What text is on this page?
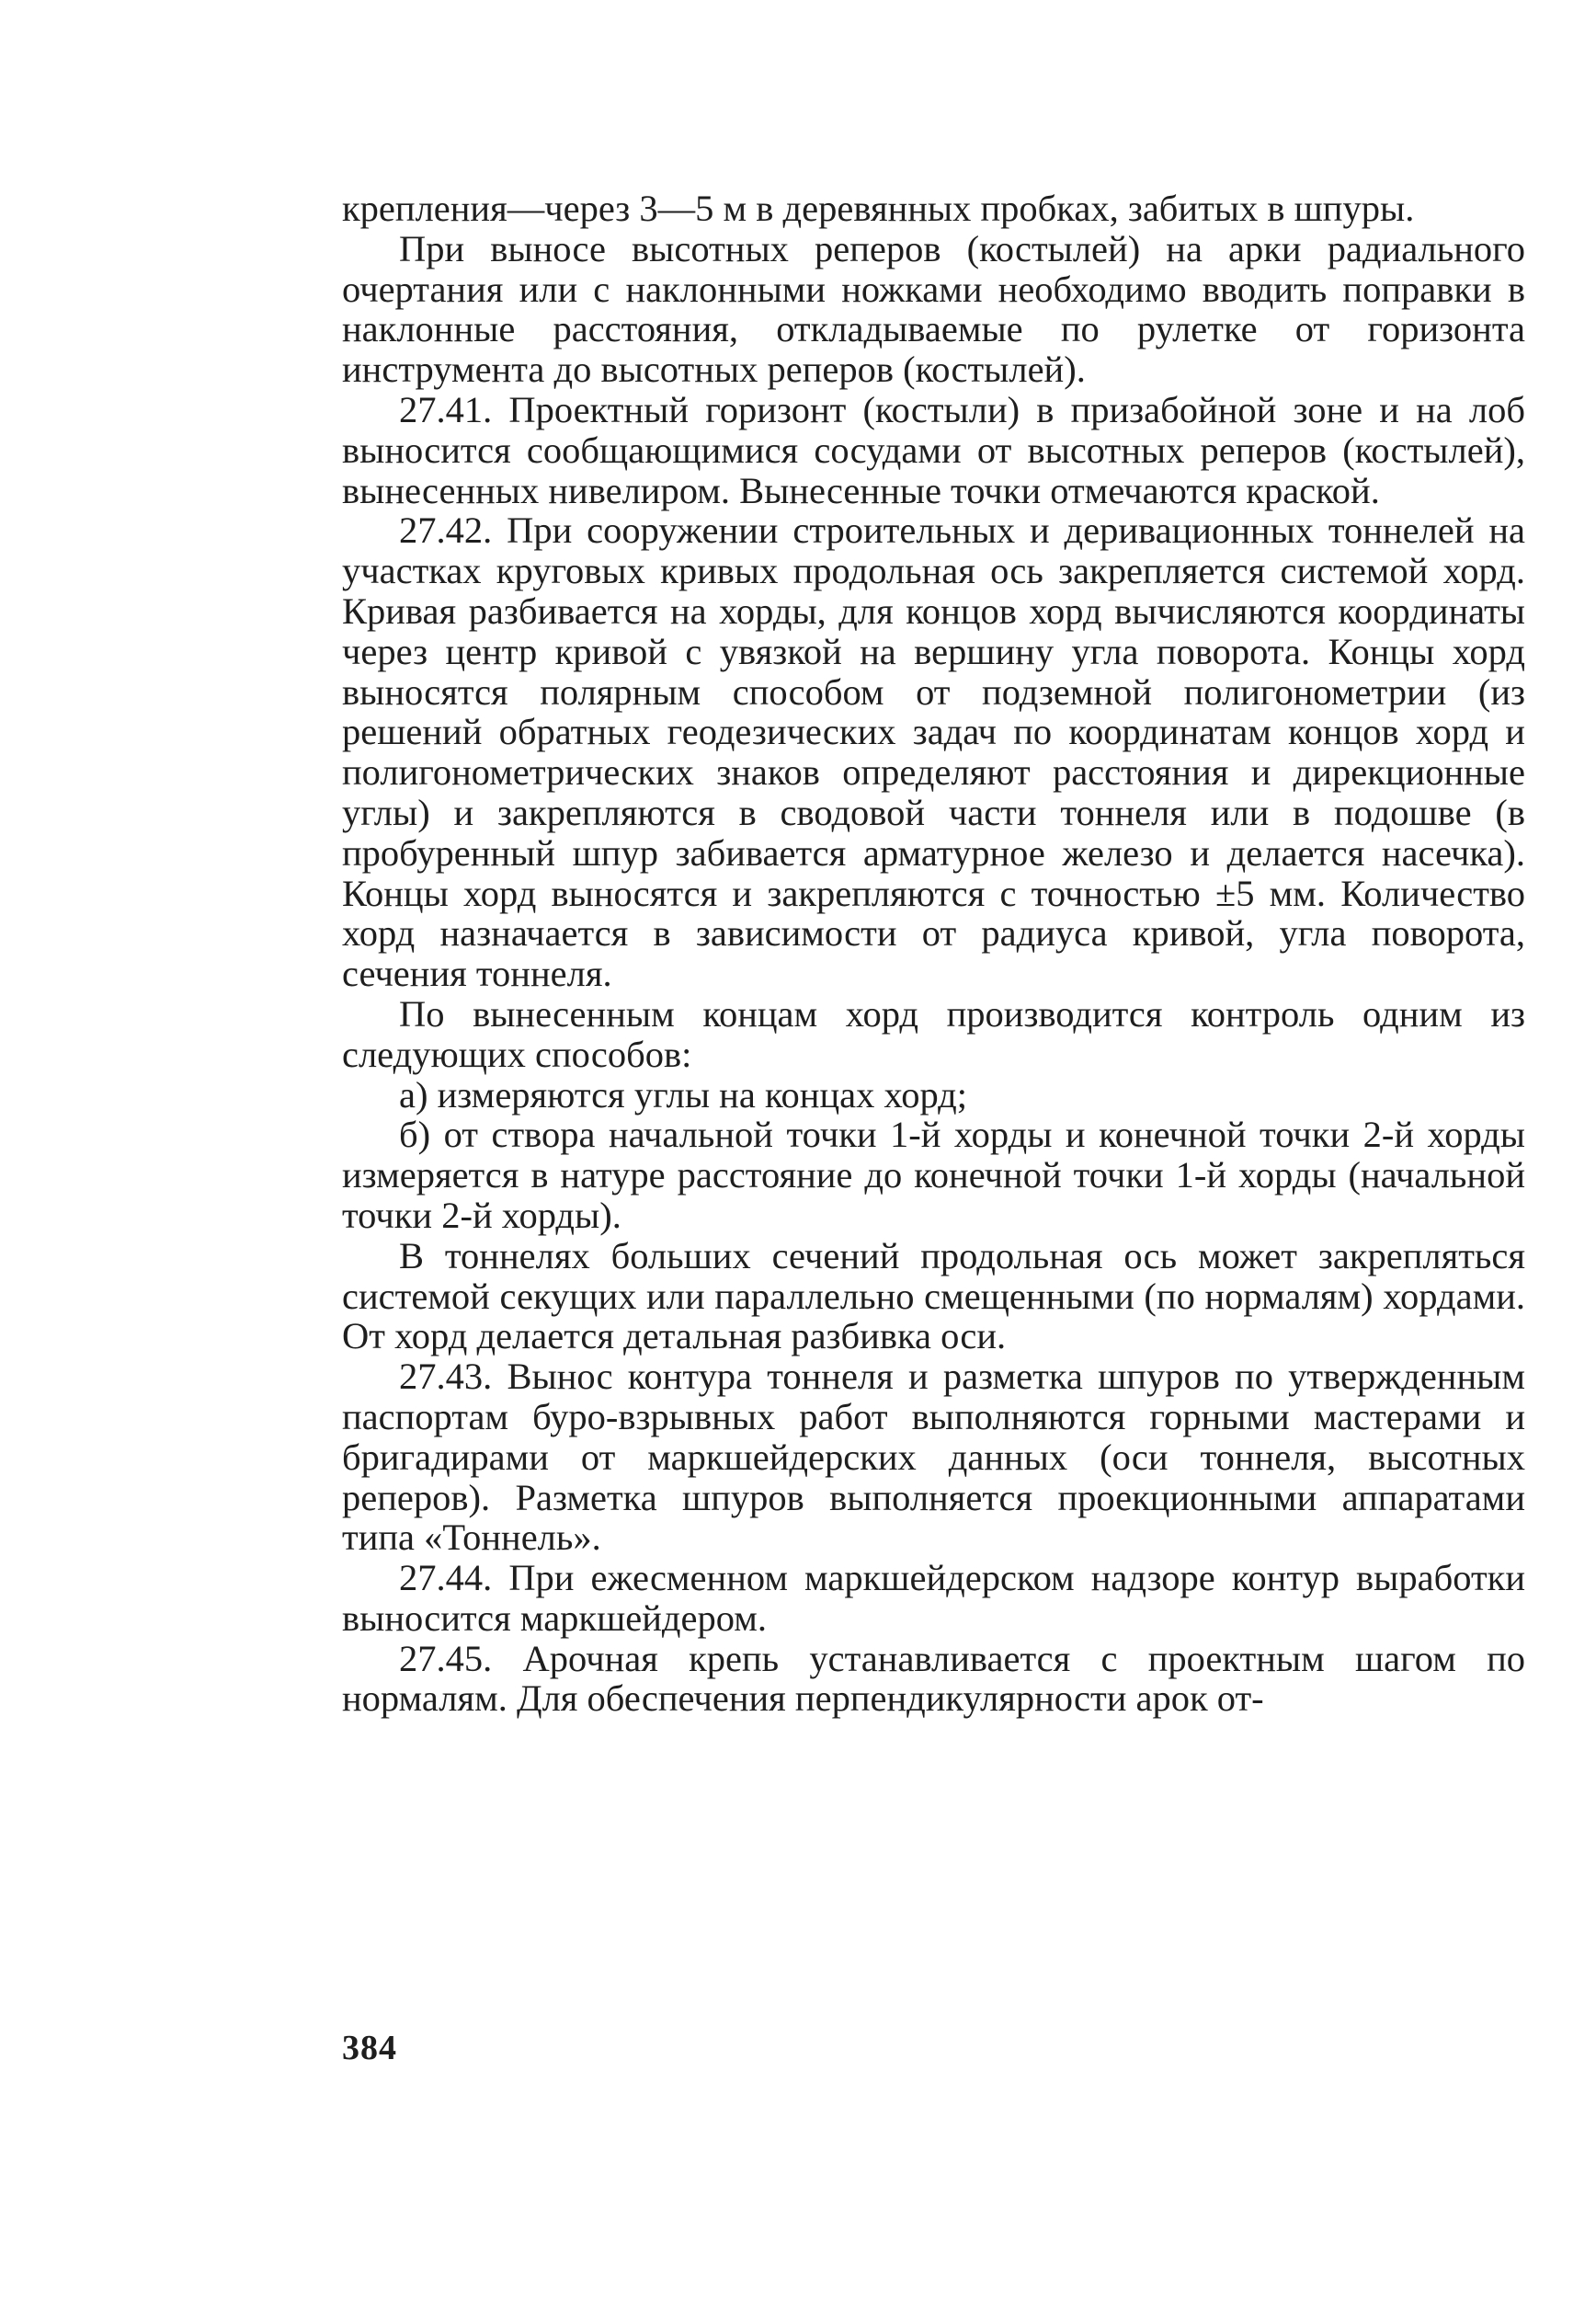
крепления—через 3—5 м в деревянных пробках, забитых в шпуры.

При выносе высотных реперов (костылей) на арки радиального очертания или с наклонными ножками необходимо вводить поправки в наклонные расстояния, откладываемые по рулетке от горизонта инструмента до высотных реперов (костылей).

27.41. Проектный горизонт (костыли) в призабойной зоне и на лоб выносится сообщающимися сосудами от высотных реперов (костылей), вынесенных нивелиром. Вынесенные точки отмечаются краской.

27.42. При сооружении строительных и деривационных тоннелей на участках круговых кривых продольная ось закрепляется системой хорд. Кривая разбивается на хорды, для концов хорд вычисляются координаты через центр кривой с увязкой на вершину угла поворота. Концы хорд выносятся полярным способом от подземной полигонометрии (из решений обратных геодезических задач по координатам концов хорд и полигонометрических знаков определяют расстояния и дирекционные углы) и закрепляются в сводовой части тоннеля или в подошве (в пробуренный шпур забивается арматурное железо и делается насечка). Концы хорд выносятся и закрепляются с точностью ±5 мм. Количество хорд назначается в зависимости от радиуса кривой, угла поворота, сечения тоннеля.

По вынесенным концам хорд производится контроль одним из следующих способов:

а) измеряются углы на концах хорд;

б) от створа начальной точки 1-й хорды и конечной точки 2-й хорды измеряется в натуре расстояние до конечной точки 1-й хорды (начальной точки 2-й хорды).

В тоннелях больших сечений продольная ось может закрепляться системой секущих или параллельно смещенными (по нормалям) хордами. От хорд делается детальная разбивка оси.

27.43. Вынос контура тоннеля и разметка шпуров по утвержденным паспортам буро-взрывных работ выполняются горными мастерами и бригадирами от маркшейдерских данных (оси тоннеля, высотных реперов). Разметка шпуров выполняется проекционными аппаратами типа «Тоннель».

27.44. При ежесменном маркшейдерском надзоре контур выработки выносится маркшейдером.

27.45. Арочная крепь устанавливается с проектным шагом по нормалям. Для обеспечения перпендикулярности арок от-

384
